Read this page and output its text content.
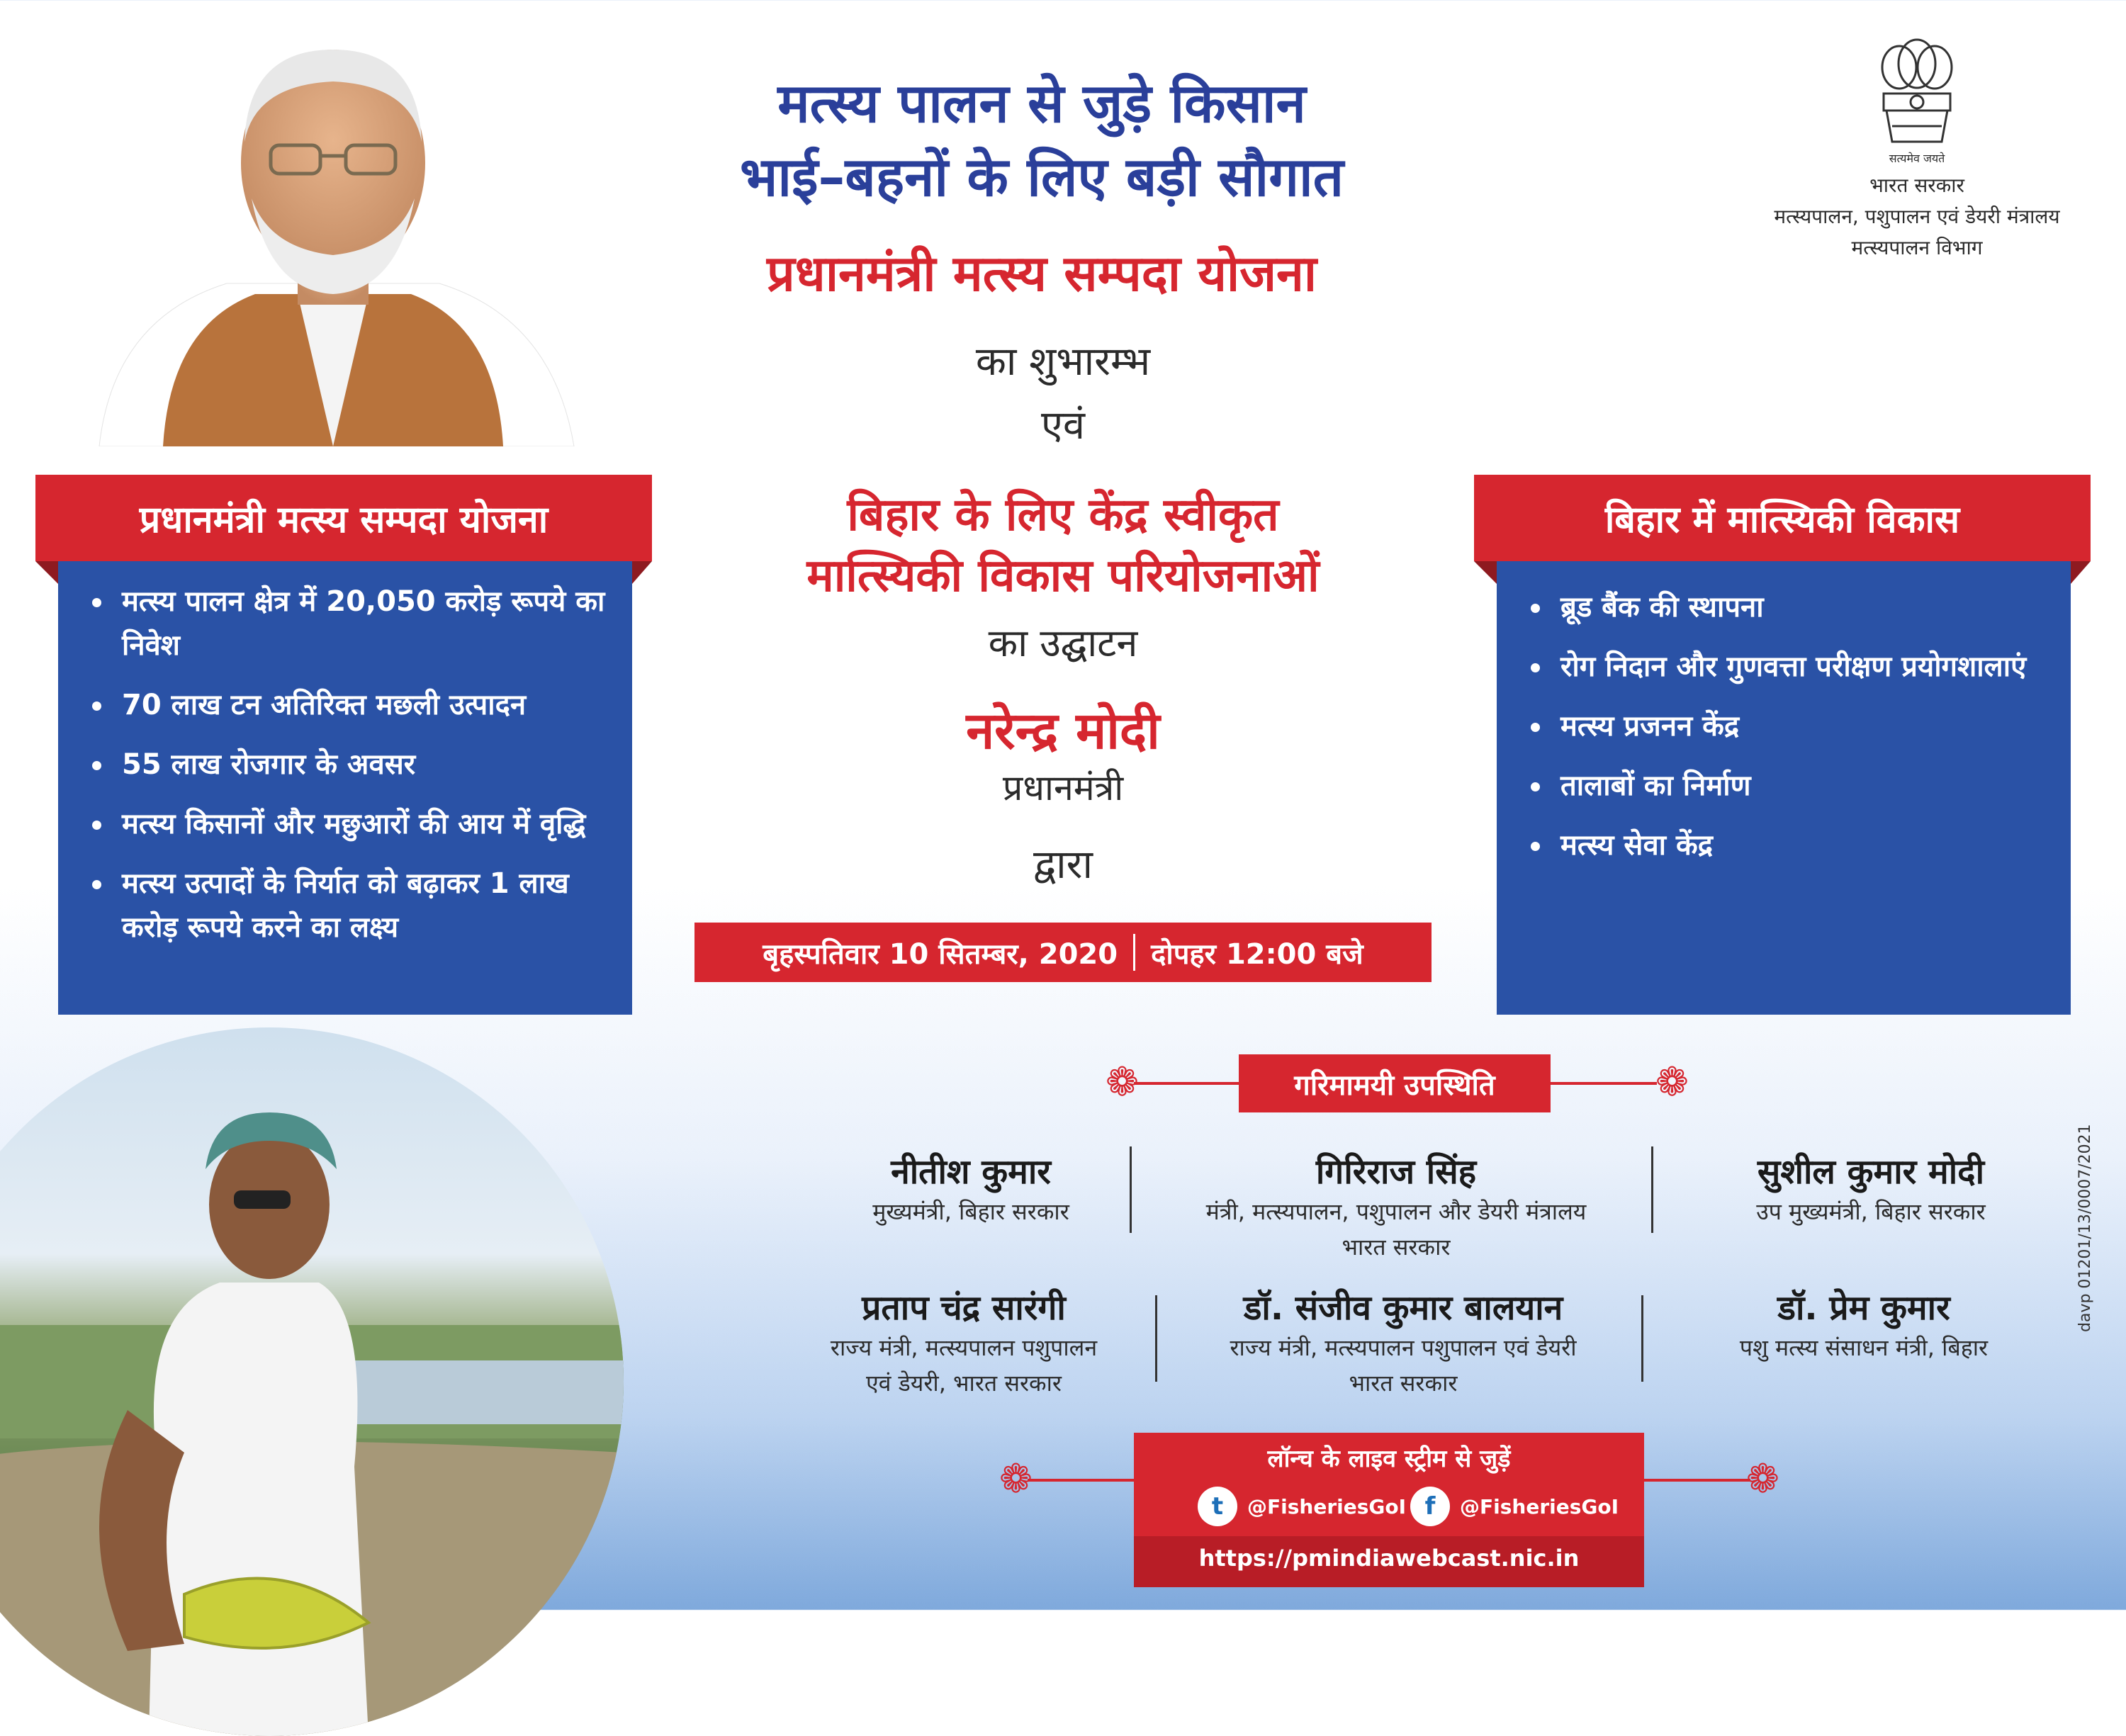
मत्स्य पालन से जुड़े किसान
भाई–बहनों के लिए बड़ी सौगात
प्रधानमंत्री मत्स्य सम्पदा योजना
का शुभारम्भ
एवं
बिहार के लिए केंद्र स्वीकृत
मात्स्यिकी विकास परियोजनाओं
का उद्घाटन
नरेन्द्र मोदी
प्रधानमंत्री
द्वारा
बृहस्पतिवार 10 सितम्बर, 2020 दोपहर 12:00 बजे
सत्यमेव जयते
भारत सरकार
मत्स्यपालन, पशुपालन एवं डेयरी मंत्रालय
मत्स्यपालन विभाग
प्रधानमंत्री मत्स्य सम्पदा योजना
मत्स्य पालन क्षेत्र में 20,050 करोड़ रूपये का निवेश
70 लाख टन अतिरिक्त मछली उत्पादन
55 लाख रोजगार के अवसर
मत्स्य किसानों और मछुआरों की आय में वृद्धि
मत्स्य उत्पादों के निर्यात को बढ़ाकर 1 लाख करोड़ रूपये करने का लक्ष्य
बिहार में मात्स्यिकी विकास
ब्रूड बैंक की स्थापना
रोग निदान और गुणवत्ता परीक्षण प्रयोगशालाएं
मत्स्य प्रजनन केंद्र
तालाबों का निर्माण
मत्स्य सेवा केंद्र
❁	❁
गरिमामयी उपस्थिति
नीतीश कुमार
मुख्यमंत्री, बिहार सरकार
गिरिराज सिंह
मंत्री, मत्स्यपालन, पशुपालन और डेयरी मंत्रालय
भारत सरकार
सुशील कुमार मोदी
उप मुख्यमंत्री, बिहार सरकार
प्रताप चंद्र सारंगी
राज्य मंत्री, मत्स्यपालन पशुपालन
एवं डेयरी, भारत सरकार
डॉ. संजीव कुमार बालयान
राज्य मंत्री, मत्स्यपालन पशुपालन एवं डेयरी
भारत सरकार
डॉ. प्रेम कुमार
पशु मत्स्य संसाधन मंत्री, बिहार
❁	❁
लॉन्च के लाइव स्ट्रीम से जुड़ें
t	@FisheriesGoI f	@FisheriesGoI
https://pmindiawebcast.nic.in
davp 01201/13/0007/2021
